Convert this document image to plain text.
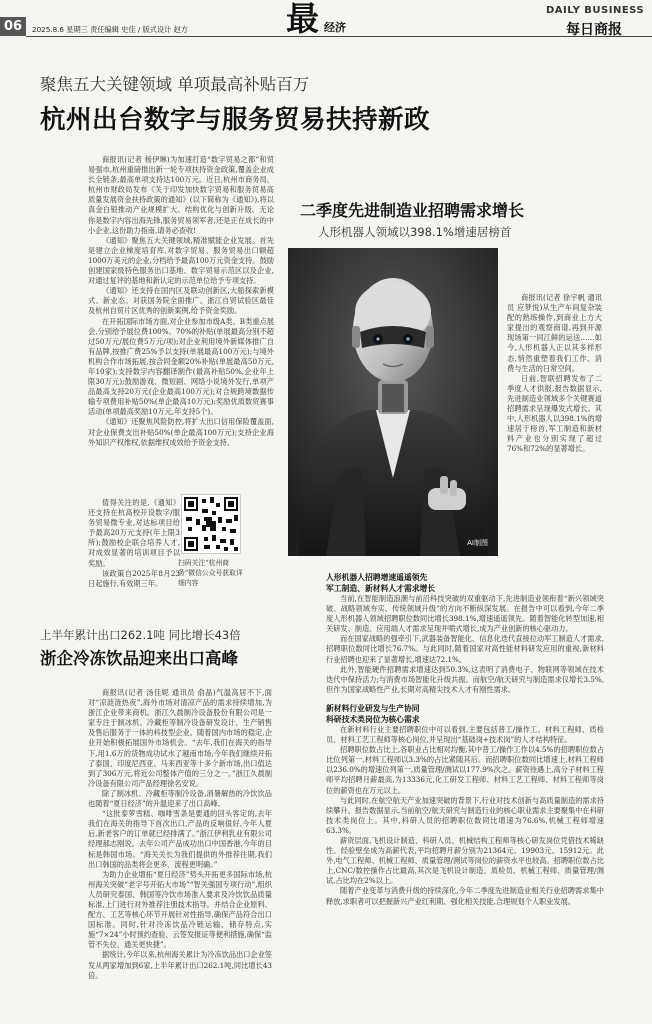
06	最 经济
2025.8.6 星期三 责任编辑 史佳 / 版式设计 赵方
DAILY BUSINESS
每日商报
聚焦五大关键领域 单项最高补贴百万
杭州出台数字与服务贸易扶持新政

商报讯(记者 杨伊琳)为加速打造“数字贸易之都”和贸易强市,杭州重磅推出新一轮专项扶持资金政策,覆盖企业成长全链条,最高单项支持达100万元。近日,杭州市商务局、杭州市财政局发布《关于印发加快数字贸易和服务贸易高质量发展资金扶持政策的通知》(以下简称为《通知》),将以真金白银推动产业规模扩大、结构优化与创新升级。无论你是数字内容出海先锋,服务贸易领军者,还是正在成长的中小企业,这份助力指南,请务必查收!

《通知》聚焦五大关键领域,精准赋能企业发展。首先是建立企业梯度培育库,对数字贸易、服务贸易出口额超1000万美元的企业,分档给予最高100万元资金支持。鼓励创建国家级特色服务出口基地、数字贸易示范区以及企业,对通过复评的基地和新认定的示范单位给予专项支持。

《通知》还支持在国内区及联动创新区,大船探索新模式、新业态。对获国务院全面推广、浙江自贸试验区最佳及杭州自贸片区优秀的创新案例,给予资金奖励。

在开拓国际市场方面,对企业参加市级A类、B类重点展会,分别给予展位费100%、70%的补贴(单展最高分别不超过50万元/展位费5万元/项);对企业利用境外新媒体推广自有品牌,按推广费25%予以支持(单展最高100万元);与境外机构合作市场拓展,按合同金额20%补贴(单展最高50万元,年10家);支持数字内容翻译制作(最高补贴50%,企业年上限30万元);鼓励游戏、微短剧、网络小说境外发行,单项产品最高支持20万元(企业最高100万元);对合规跨境数据传输专项费用补贴50%(单企最高10万元);奖励优质数贸赛事活动(单项最高奖励10万元,年支持5个)。

《通知》还聚焦风险防控,将扩大出口信用保险覆盖面,对企业保费支出补贴50%(单企最高100万元);支持企业海外知识产权维权,依据维权成效给予资金支持。

值得关注的是,《通知》还支持在杭高校开设数字/服务贸易微专业,对达标项目给予最高20万元支持(年上限3所);鼓励校企联合培养人才,对成效显著的培训项目予以奖励。

该政策自2025年8月23日起施行,有效期三年。

扫码关注“杭州商务”微信公众号获取详细内容
二季度先进制造业招聘需求增长
人形机器人领域以398.1%增速居榜首
AI制图

商报讯(记者 徐宇帆 通讯员 应梦悦)从生产车间复杂装配的熟练操作,到商业上方大家提出的观察商谱,再到开源现场第一同江鲜的运送……如今,人形机器人正以其多样形态,悄然重塑着我们工作、消费与生活的日常空间。

日前,智联招聘发布了二季度人才供报,报告数据显示,先进制造业领域多个关键赛道招聘需求呈现爆发式增长。其中,人形机器人以398.1%的增速居于榜首,军工制造和新材料产业也分别实现了超过76%和72%的显著增长。

人形机器人招聘增速遥遥领先
军工制造、新材料人才需求增长

当前,在智能制造浪潮与前沿科技突破的双重驱动下,先进制造业领衔着“新兴领域突破、战略领域夯实、传统领域升级”的方向不断纵深发展。在报告中可以看到,今年二季度人形机器人领域招聘职位数同比增长398.1%,增速遥遥领先。随着智能化转型加速,相关研发、制造、应用端人才需求呈现井喷式增长,成为产业创新的核心驱动力。

而在国家战略的强牵引下,武器装备智能化、信息化迭代直接拉动军工制造人才需求,招聘职位数同比增长76.7%。与此同时,随着国家对高性能材料研发应用的重视,新材料行业招聘也迎来了显著增长,增速达72.1%。

此外,智能硬件招聘需求增速达到50.3%,这表明了消费电子、物联网等领域在技术迭代中保持活力;与消费市场智能化升级共振。而航空/航天研究与制造需求仅增长3.5%,但作为国家战略性产业,长期对高精尖技术人才有刚性需求。

新材料行业研发与生产协同
科研技术类岗位为核心需求

在新材料行业主要招聘职位中可以看到,主要包括普工/操作工、材料工程师、质检员、材料工艺工程师等核心岗位,并呈现出“基础岗+技术岗”的人才结构特征。

招聘职位数占比上,各职业占比相对均衡,其中普工/操作工作以4.5%的招聘职位数占比位列第一,材料工程师以3.3%的占比紧随其后。而招聘职位数同比增速上,材料工程师以236.0%的增速位列第一,质量管理/测试以177.9%次之。薪资待遇上,高分子材料工程师平均招聘月薪最高,为13336元,化工研发工程师、材料工艺工程师、材料工程师等岗位的薪资也在万元以上。

与此同时,在航空航天产业加速突破的背景下,行业对技术创新与高质量制造的需求持续攀升。报告数据显示,当前航空/航天研究与制造行业的核心职业需求主要聚集中在科研技术类岗位上。其中,科研人员的招聘职位数同比增速为76.6%,机械工程师增速63.3%。

薪资层面,飞机设计制造、科研人员、机械结构工程师等核心研发岗位凭借技术稀缺性、经验壁垒成为高薪代表,平均招聘月薪分别为21364元、19903元、15912元。此外,电气工程师、机械工程师、质量管理/测试等岗位的薪资水平也较高。招聘职位数占比上,CNC/数控操作占比最高,其次是飞机设计制造、质检员、机械工程师、质量管理/测试,占比均在2%以上。

随着产业变革与消费升级的持续深化,今年二季度先进制造业相关行业招聘需求集中释放,求职者可以把握新兴产业红利期、强化相关技能,合理规划个人职业发展。

上半年累计出口262.1吨 同比增长43倍
浙企冷冻饮品迎来出口高峰

商报讯(记者 汤佳妮 通讯员 俞晶)气温高居不下,面对“凉涟涟热夜”,海外市场对清凉产品的需求持续增加,为浙江企业带来商机。浙江久晨制冷设备股份有限公司是一家专注于制冰机、冷藏柜等制冷设备研发设计、生产销售及售后服务于一体的科技型企业。随着国内市场的稳定,企业开始积极拓展国外市场机会。“去年,我们在海关的指导下,用1.6万的货物成功试水了越南市场,今年我们继续开拓了泰国、印度尼西亚、马来西亚等十多个新市场,出口值达到了306万元,将近公司整体产值的三分之一。”浙江久晨制冷设备有限公司产品经理徐名安说。

除了制冰机、冷藏柜等制冷设备,消暑解热的冷饮饮品也随着“夏日经济”的升温迎来了出口高峰。

“这批泰萝雪糕、咖啡雪条是要通的回头客定的,去年我们在海关的指导下首次出口,产品的反响很好,今年人夏后,新老客户的订单就已经排满了。”浙江伊利乳业有限公司经理郝志刚说。去年公司产品成功出口中国香港,今年的目标是韩国市场。“海关关长为我们提供的外推荐往期,我们出口韩国的品类将会更多、流程更明确。”

为助力企业增拓“夏日经济”势头开拓更多国际市场,杭州海关突破“老字号开拓大市场”“智关强国专项行动”,组织人员研究泰国、韩国等冷饮市场准入要求及冷饮饮品质量标准,上门进行对外推荐注册技术指导。并结合企业原料、配方、工艺等核心环节开展针对性指导,确保产品符合出口国标准。同时,针对冷冻饮品冷链运输、储存特点,实施“7×24”小时预约查验、云签发报证等便利措施,确保“监管不失位、通关更快捷”。

据统计,今年以来,杭州海关累计为冷冻饮品出口企业签发从两家增加到6家,上半年累计出口262.1吨,同比增长43倍。
